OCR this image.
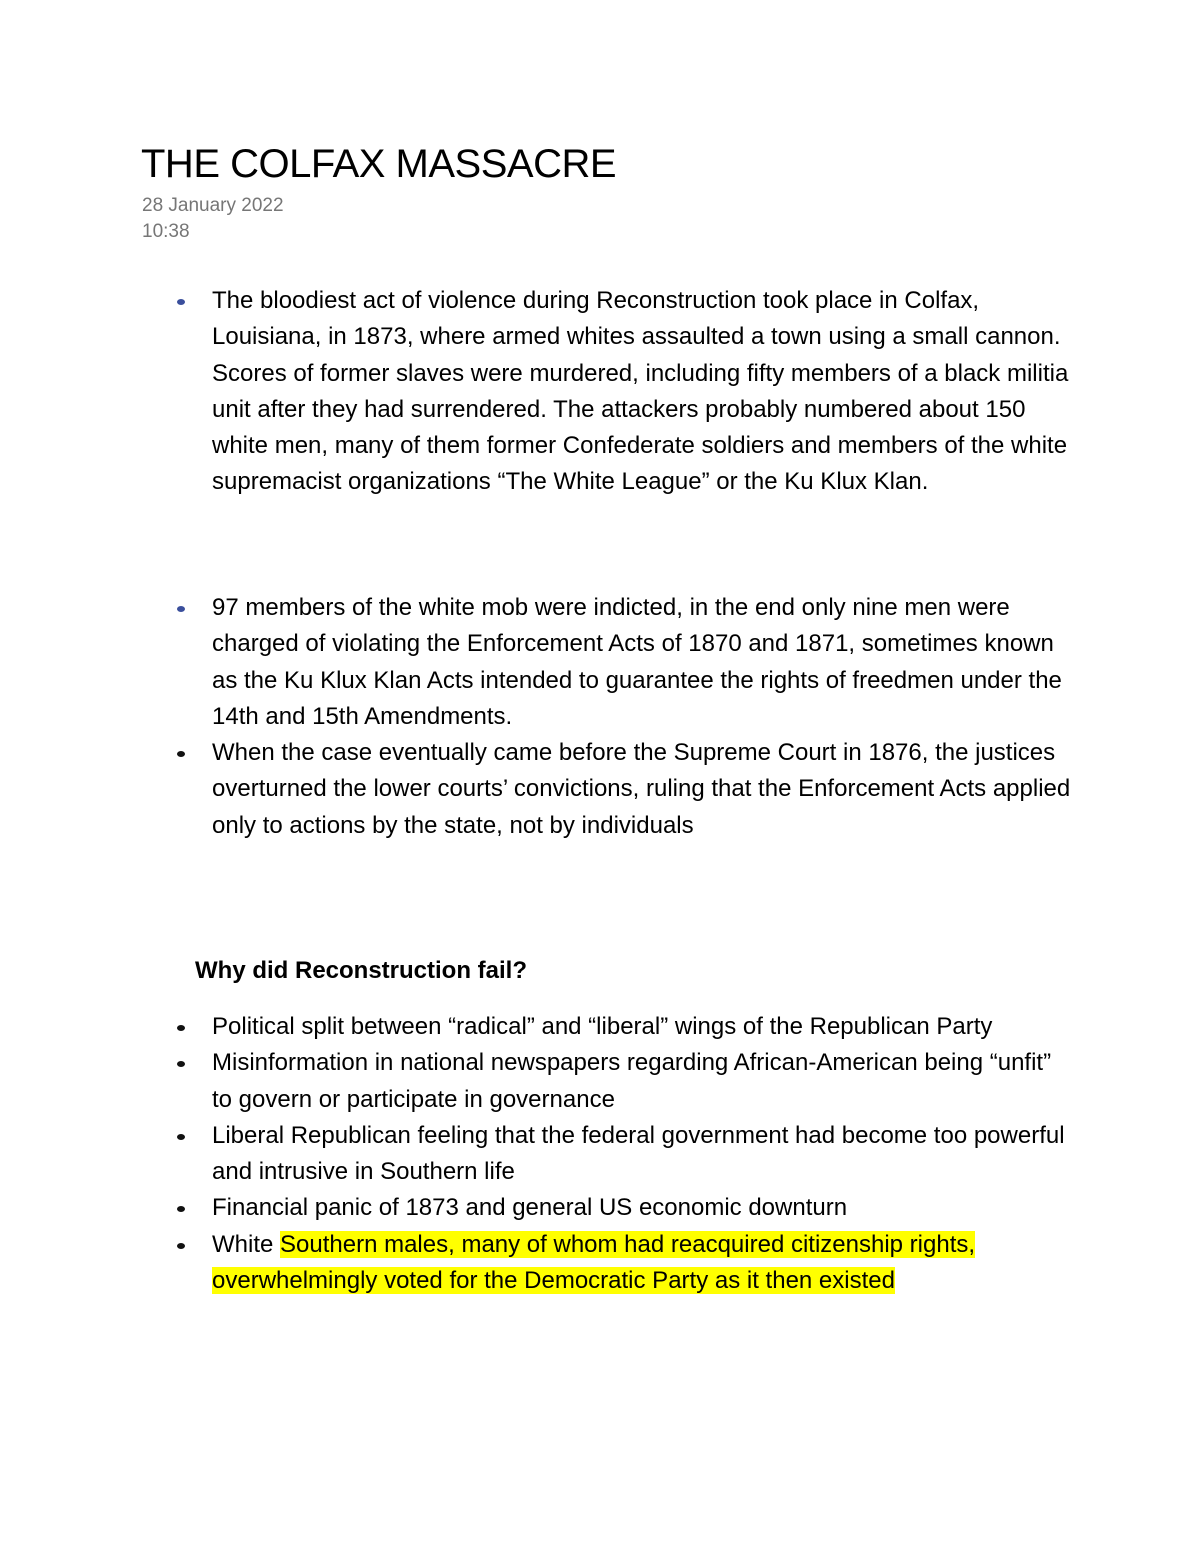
THE COLFAX MASSACRE
28 January 2022
10:38
The bloodiest act of violence during Reconstruction took place in Colfax, Louisiana, in 1873, where armed whites assaulted a town using a small cannon. Scores of former slaves were murdered, including fifty members of a black militia unit after they had surrendered. The attackers probably numbered about 150 white men, many of them former Confederate soldiers and members of the white supremacist organizations “The White League” or the Ku Klux Klan.
97 members of the white mob were indicted, in the end only nine men were charged of violating the Enforcement Acts of 1870 and 1871, sometimes known as the Ku Klux Klan Acts intended to guarantee the rights of freedmen under the 14th and 15th Amendments.
When the case eventually came before the Supreme Court in 1876, the justices overturned the lower courts’ convictions, ruling that the Enforcement Acts applied only to actions by the state, not by individuals
Why did Reconstruction fail?
Political split between “radical” and “liberal” wings of the Republican Party
Misinformation in national newspapers regarding African-American being “unfit” to govern or participate in governance
Liberal Republican feeling that the federal government had become too powerful and intrusive in Southern life
Financial panic of 1873 and general US economic downturn
White Southern males, many of whom had reacquired citizenship rights, overwhelmingly voted for the Democratic Party as it then existed
